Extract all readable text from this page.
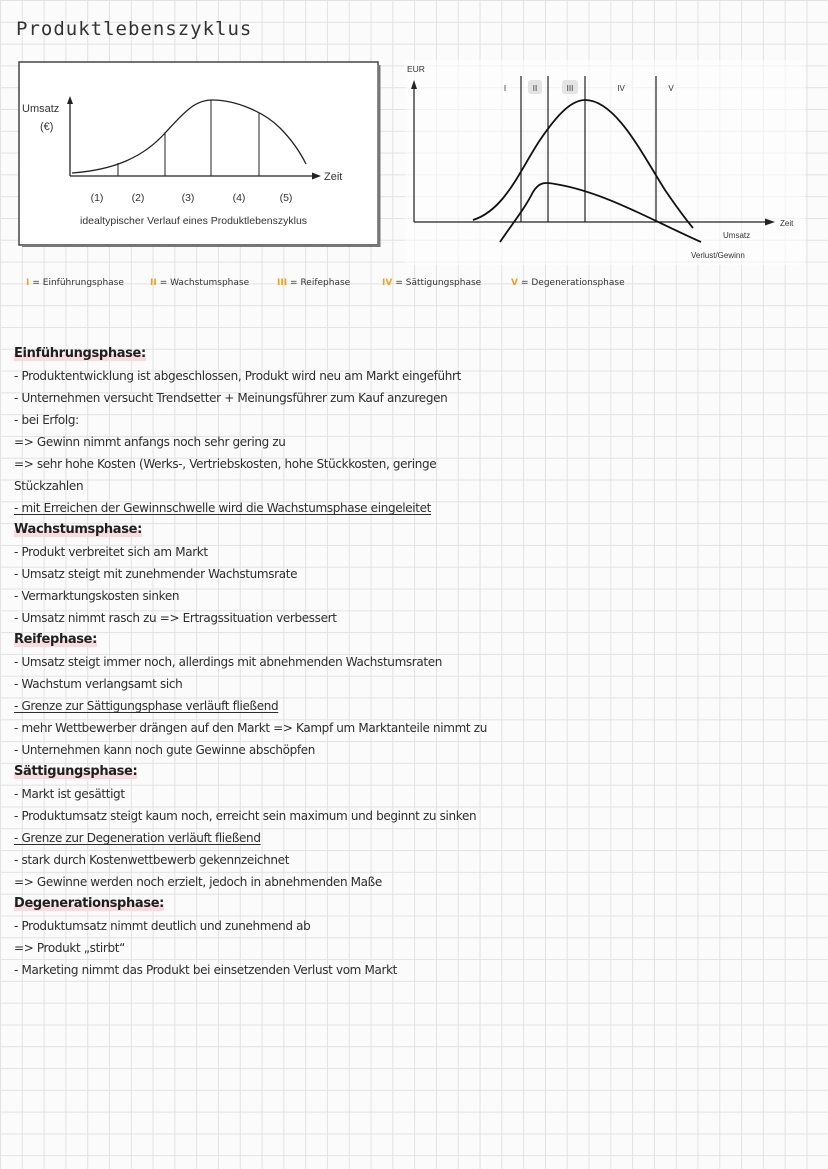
Produktlebenszyklus
Umsatz
(€)
Zeit
(1)	(2)	(3)	(4)	(5)
idealtypischer Verlauf eines Produktlebenszyklus
EUR
Zeit
I	II	III	IV	V
Umsatz
Verlust/Gewinn
I = Einführungsphase	II = Wachstumsphase	III = Reifephase	IV = Sättigungsphase	V = Degenerationsphase
Einführungsphase:
- Produktentwicklung ist abgeschlossen, Produkt wird neu am Markt eingeführt
- Unternehmen versucht Trendsetter + Meinungsführer zum Kauf anzuregen
- bei Erfolg:
=> Gewinn nimmt anfangs noch sehr gering zu
=> sehr hohe Kosten (Werks-, Vertriebskosten, hohe Stückkosten, geringe
Stückzahlen
- mit Erreichen der Gewinnschwelle wird die Wachstumsphase eingeleitet
Wachstumsphase:
- Produkt verbreitet sich am Markt
- Umsatz steigt mit zunehmender Wachstumsrate
- Vermarktungskosten sinken
- Umsatz nimmt rasch zu => Ertragssituation verbessert
Reifephase:
- Umsatz steigt immer noch, allerdings mit abnehmenden Wachstumsraten
- Wachstum verlangsamt sich
- Grenze zur Sättigungsphase verläuft fließend
- mehr Wettbewerber drängen auf den Markt => Kampf um Marktanteile nimmt zu
- Unternehmen kann noch gute Gewinne abschöpfen
Sättigungsphase:
- Markt ist gesättigt
- Produktumsatz steigt kaum noch, erreicht sein maximum und beginnt zu sinken
- Grenze zur Degeneration verläuft fließend
- stark durch Kostenwettbewerb gekennzeichnet
=> Gewinne werden noch erzielt, jedoch in abnehmenden Maße
Degenerationsphase:
- Produktumsatz nimmt deutlich und zunehmend ab
=> Produkt „stirbt“
- Marketing nimmt das Produkt bei einsetzenden Verlust vom Markt
